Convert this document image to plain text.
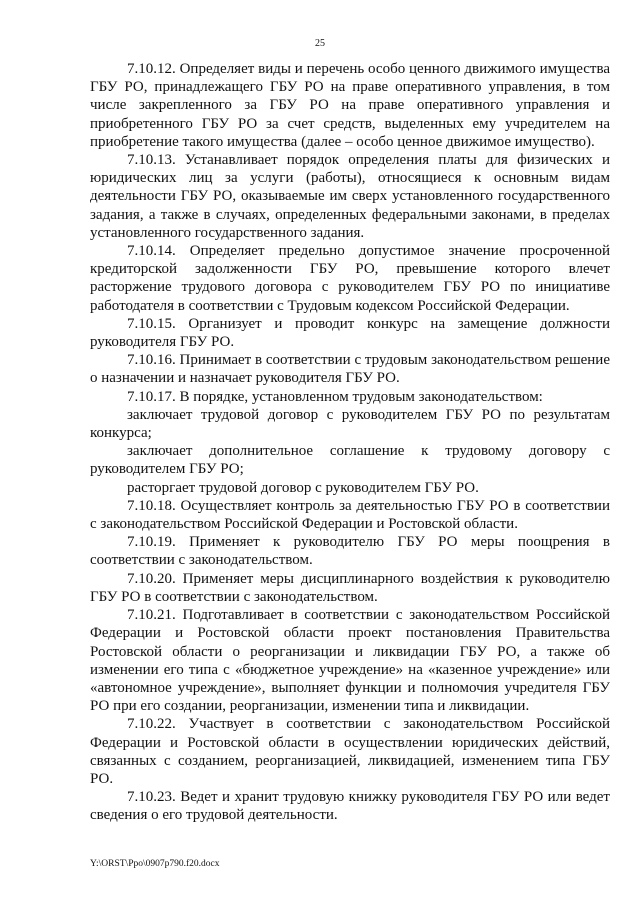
25

7.10.12. Определяет виды и перечень особо ценного движимого имущества ГБУ РО, принадлежащего ГБУ РО на праве оперативного управления, в том числе закрепленного за ГБУ РО на праве оперативного управления и приобретенного ГБУ РО за счет средств, выделенных ему учредителем на приобретение такого имущества (далее – особо ценное движимое имущество).

7.10.13. Устанавливает порядок определения платы для физических и юридических лиц за услуги (работы), относящиеся к основным видам деятельности ГБУ РО, оказываемые им сверх установленного государственного задания, а также в случаях, определенных федеральными законами, в пределах установленного государственного задания.

7.10.14. Определяет предельно допустимое значение просроченной кредиторской задолженности ГБУ РО, превышение которого влечет расторжение трудового договора с руководителем ГБУ РО по инициативе работодателя в соответствии с Трудовым кодексом Российской Федерации.

7.10.15. Организует и проводит конкурс на замещение должности руководителя ГБУ РО.

7.10.16. Принимает в соответствии с трудовым законодательством решение о назначении и назначает руководителя ГБУ РО.

7.10.17. В порядке, установленном трудовым законодательством:

заключает трудовой договор с руководителем ГБУ РО по результатам конкурса;

заключает дополнительное соглашение к трудовому договору с руководителем ГБУ РО;

расторгает трудовой договор с руководителем ГБУ РО.

7.10.18. Осуществляет контроль за деятельностью ГБУ РО в соответствии с законодательством Российской Федерации и Ростовской области.

7.10.19. Применяет к руководителю ГБУ РО меры поощрения в соответствии с законодательством.

7.10.20. Применяет меры дисциплинарного воздействия к руководителю ГБУ РО в соответствии с законодательством.

7.10.21. Подготавливает в соответствии с законодательством Российской Федерации и Ростовской области проект постановления Правительства Ростовской области о реорганизации и ликвидации ГБУ РО, а также об изменении его типа с «бюджетное учреждение» на «казенное учреждение» или «автономное учреждение», выполняет функции и полномочия учредителя ГБУ РО при его создании, реорганизации, изменении типа и ликвидации.

7.10.22. Участвует в соответствии с законодательством Российской Федерации и Ростовской области в осуществлении юридических действий, связанных с созданием, реорганизацией, ликвидацией, изменением типа ГБУ РО.

7.10.23. Ведет и хранит трудовую книжку руководителя ГБУ РО или ведет сведения о его трудовой деятельности.

Y:\ORST\Ppo\0907p790.f20.docx
